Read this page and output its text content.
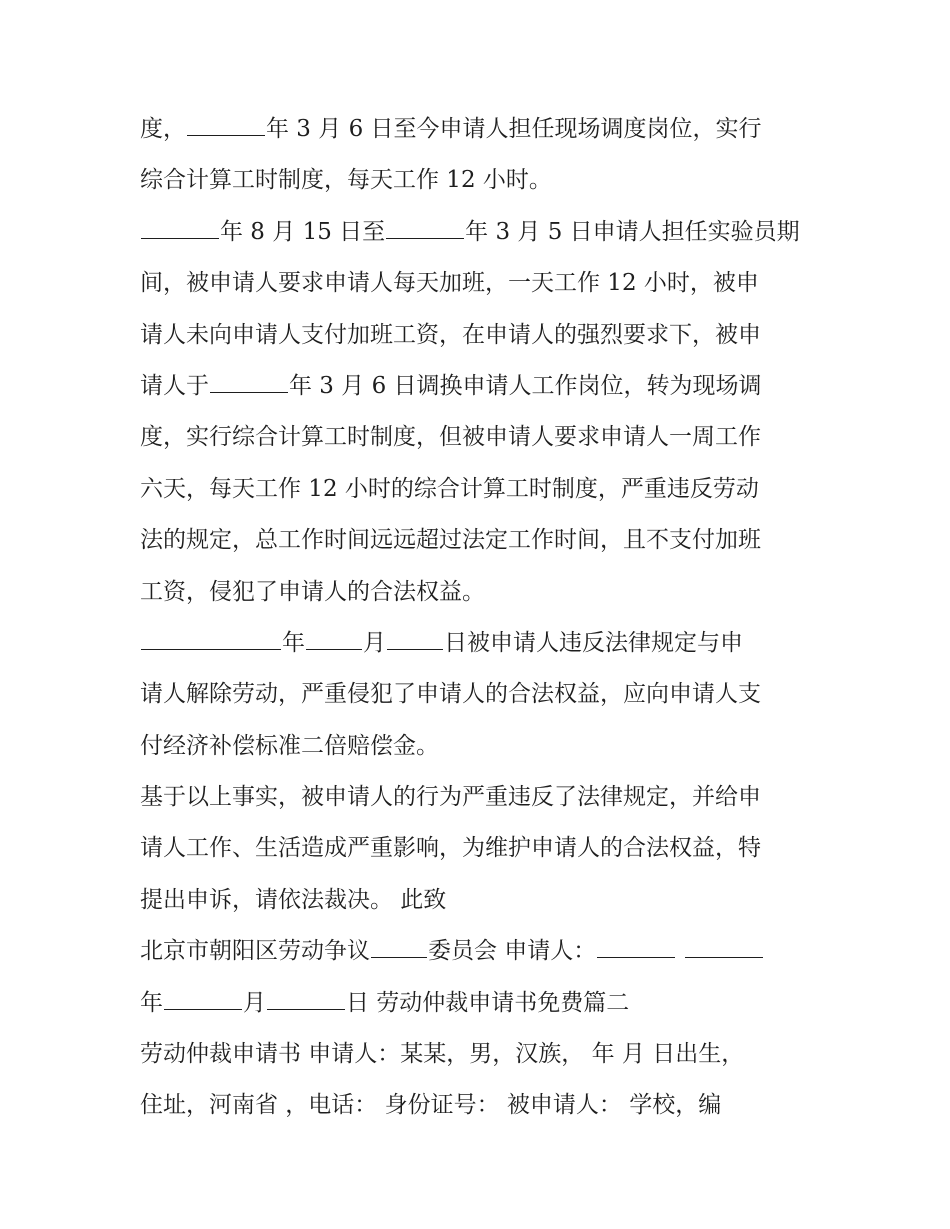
度，	年 3 月 6 日至今申请人担任现场调度岗位，实行
综合计算工时制度，每天工作 12 小时。
年 8 月 15 日至	年 3 月 5 日申请人担任实验员期
间，被申请人要求申请人每天加班，一天工作 12 小时，被申
请人未向申请人支付加班工资，在申请人的强烈要求下，被申
请人于	年 3 月 6 日调换申请人工作岗位，转为现场调
度，实行综合计算工时制度，但被申请人要求申请人一周工作
六天，每天工作 12 小时的综合计算工时制度，严重违反劳动
法的规定，总工作时间远远超过法定工作时间，且不支付加班
工资，侵犯了申请人的合法权益。
年	月	日被申请人违反法律规定与申
请人解除劳动，严重侵犯了申请人的合法权益，应向申请人支
付经济补偿标准二倍赔偿金。
基于以上事实，被申请人的行为严重违反了法律规定，并给申
请人工作、生活造成严重影响，为维护申请人的合法权益，特
提出申诉，请依法裁决。 此致
北京市朝阳区劳动争议	委员会 申请人：
年	月	日 劳动仲裁申请书免费篇二
劳动仲裁申请书 申请人：某某，男，汉族， 年 月 日出生，
住址，河南省 ，电话： 身份证号： 被申请人： 学校，编
